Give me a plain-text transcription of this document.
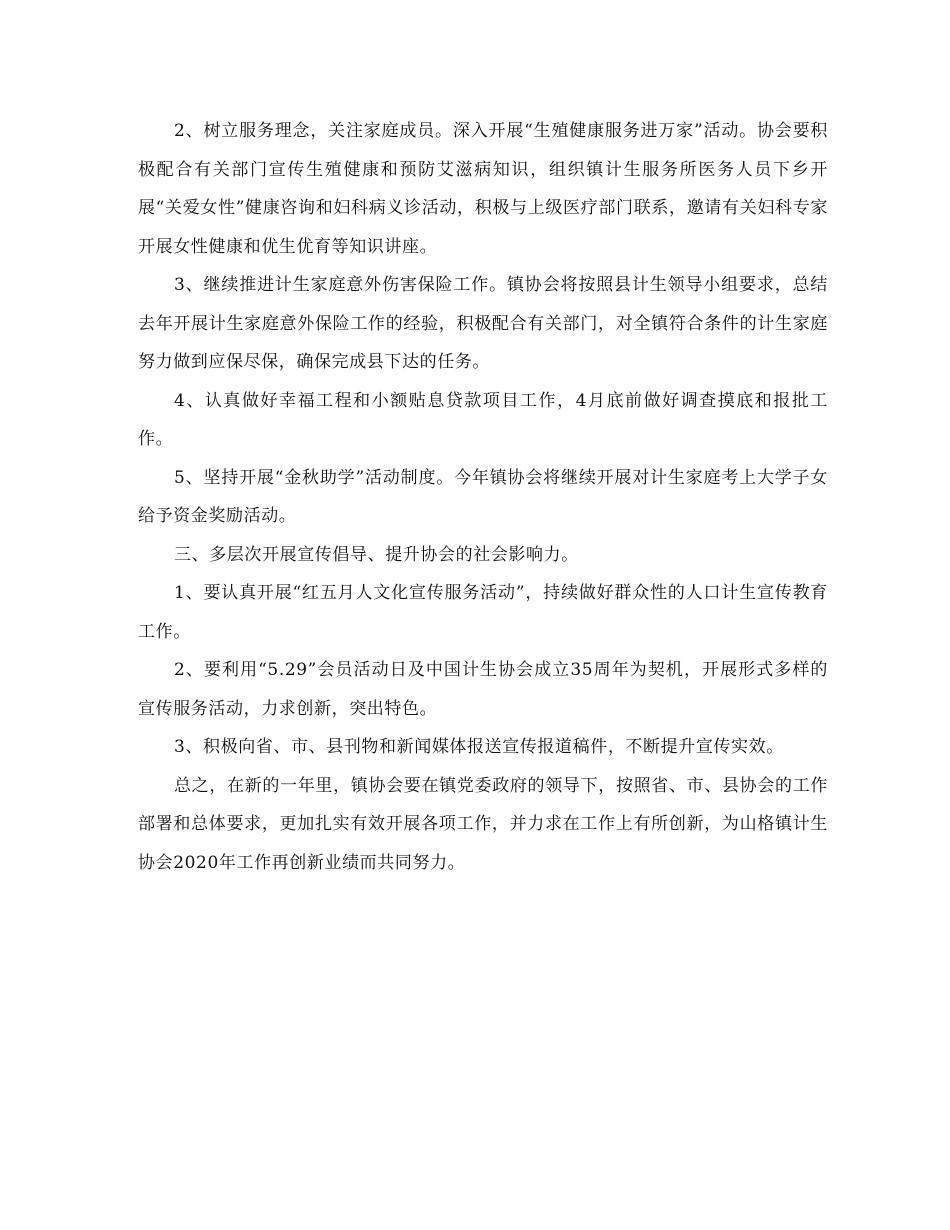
2、树立服务理念，关注家庭成员。深入开展“生殖健康服务进万家”活动。协会要积极配合有关部门宣传生殖健康和预防艾滋病知识，组织镇计生服务所医务人员下乡开展“关爱女性”健康咨询和妇科病义诊活动，积极与上级医疗部门联系，邀请有关妇科专家开展女性健康和优生优育等知识讲座。

3、继续推进计生家庭意外伤害保险工作。镇协会将按照县计生领导小组要求，总结去年开展计生家庭意外保险工作的经验，积极配合有关部门，对全镇符合条件的计生家庭努力做到应保尽保，确保完成县下达的任务。

4、认真做好幸福工程和小额贴息贷款项目工作，4月底前做好调查摸底和报批工作。

5、坚持开展“金秋助学”活动制度。今年镇协会将继续开展对计生家庭考上大学子女给予资金奖励活动。

三、多层次开展宣传倡导、提升协会的社会影响力。

1、要认真开展“红五月人文化宣传服务活动”，持续做好群众性的人口计生宣传教育工作。

2、要利用“5.29”会员活动日及中国计生协会成立35周年为契机，开展形式多样的宣传服务活动，力求创新，突出特色。

3、积极向省、市、县刊物和新闻媒体报送宣传报道稿件，不断提升宣传实效。

总之，在新的一年里，镇协会要在镇党委政府的领导下，按照省、市、县协会的工作部署和总体要求，更加扎实有效开展各项工作，并力求在工作上有所创新，为山格镇计生协会2020年工作再创新业绩而共同努力。
